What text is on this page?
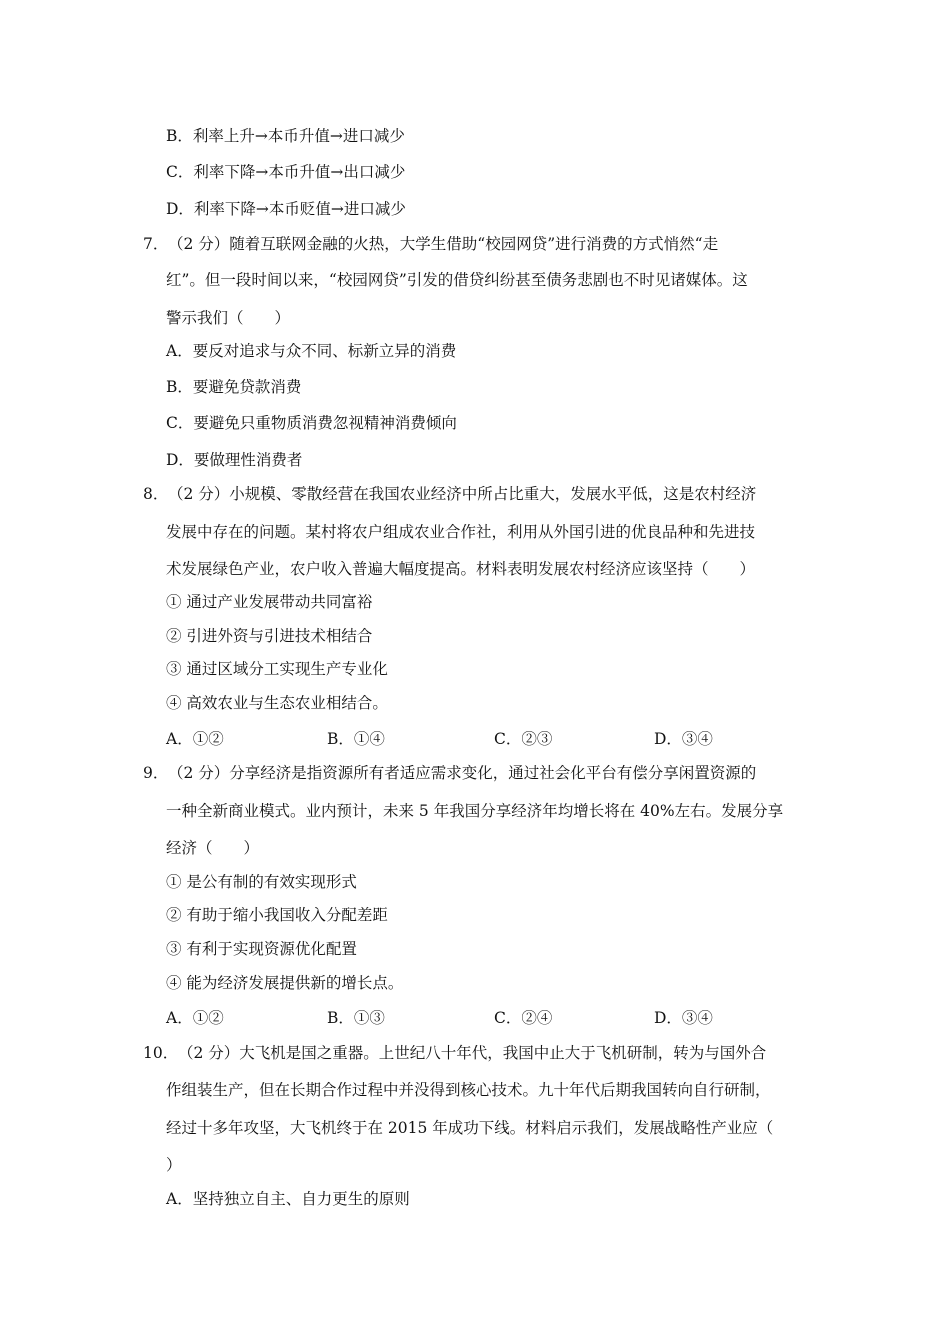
B．利率上升→本币升值→进口减少
C．利率下降→本币升值→出口减少
D．利率下降→本币贬值→进口减少
7． （2 分）随着互联网金融的火热，大学生借助“校园网贷”进行消费的方式悄然“走
红”。但一段时间以来，“校园网贷”引发的借贷纠纷甚至债务悲剧也不时见诸媒体。这
警示我们（　　）
A．要反对追求与众不同、标新立异的消费
B．要避免贷款消费
C．要避免只重物质消费忽视精神消费倾向
D．要做理性消费者
8． （2 分）小规模、零散经营在我国农业经济中所占比重大，发展水平低，这是农村经济
发展中存在的问题。某村将农户组成农业合作社，利用从外国引进的优良品种和先进技
术发展绿色产业，农户收入普遍大幅度提高。材料表明发展农村经济应该坚持（　　）
① 通过产业发展带动共同富裕
② 引进外资与引进技术相结合
③ 通过区域分工实现生产专业化
④ 高效农业与生态农业相结合。
A．①②	B．①④	C．②③	D．③④
9． （2 分）分享经济是指资源所有者适应需求变化，通过社会化平台有偿分享闲置资源的
一种全新商业模式。业内预计，未来 5 年我国分享经济年均增长将在 40%左右。发展分享
经济（　　）
① 是公有制的有效实现形式
② 有助于缩小我国收入分配差距
③ 有利于实现资源优化配置
④ 能为经济发展提供新的增长点。
A．①②	B．①③	C．②④	D．③④
10． （2 分）大飞机是国之重器。上世纪八十年代，我国中止大于飞机研制，转为与国外合
作组装生产，但在长期合作过程中并没得到核心技术。九十年代后期我国转向自行研制，
经过十多年攻坚，大飞机终于在 2015 年成功下线。材料启示我们，发展战略性产业应（
）
A．坚持独立自主、自力更生的原则
